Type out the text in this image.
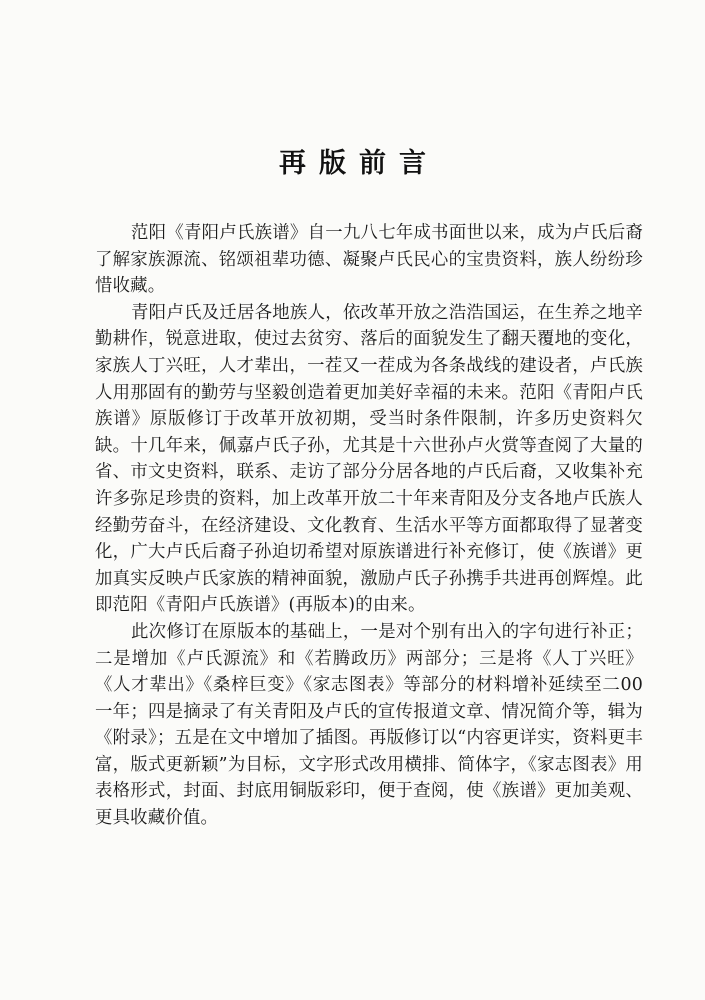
再版前言

范阳《青阳卢氏族谱》自一九八七年成书面世以来，成为卢氏后裔了解家族源流、铭颂祖辈功德、凝聚卢氏民心的宝贵资料，族人纷纷珍惜收藏。

青阳卢氏及迁居各地族人，依改革开放之浩浩国运，在生养之地辛勤耕作，锐意进取，使过去贫穷、落后的面貌发生了翻天覆地的变化，家族人丁兴旺，人才辈出，一茬又一茬成为各条战线的建设者，卢氏族人用那固有的勤劳与坚毅创造着更加美好幸福的未来。范阳《青阳卢氏族谱》原版修订于改革开放初期，受当时条件限制，许多历史资料欠缺。十几年来，佩嘉卢氏子孙，尤其是十六世孙卢火赏等查阅了大量的省、市文史资料，联系、走访了部分分居各地的卢氏后裔，又收集补充许多弥足珍贵的资料，加上改革开放二十年来青阳及分支各地卢氏族人经勤劳奋斗，在经济建设、文化教育、生活水平等方面都取得了显著变化，广大卢氏后裔子孙迫切希望对原族谱进行补充修订，使《族谱》更加真实反映卢氏家族的精神面貌，激励卢氏子孙携手共进再创辉煌。此即范阳《青阳卢氏族谱》(再版本)的由来。

此次修订在原版本的基础上，一是对个别有出入的字句进行补正；二是增加《卢氏源流》和《若腾政历》两部分；三是将《人丁兴旺》《人才辈出》《桑梓巨变》《家志图表》等部分的材料增补延续至二00一年；四是摘录了有关青阳及卢氏的宣传报道文章、情况简介等，辑为《附录》；五是在文中增加了插图。再版修订以“内容更详实，资料更丰富，版式更新颖”为目标，文字形式改用横排、简体字，《家志图表》用表格形式，封面、封底用铜版彩印，便于查阅，使《族谱》更加美观、更具收藏价值。
